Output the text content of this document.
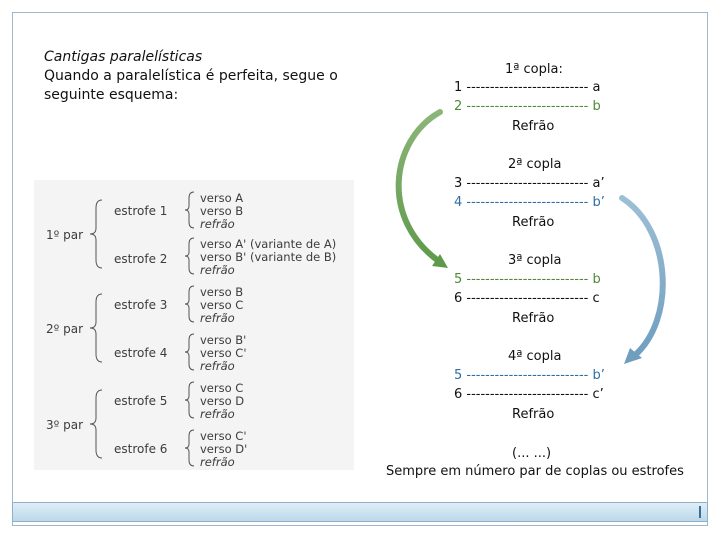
Cantigas paralelísticas
Quando a paralelística é perfeita, segue o seguinte esquema:
1º par
estrofe 1
estrofe 2
verso A
verso B
refrão
verso A' (variante de A)
verso B' (variante de B)
refrão
2º par
estrofe 3
estrofe 4
verso B
verso C
refrão
verso B'
verso C'
refrão
3º par
estrofe 5
estrofe 6
verso C
verso D
refrão
verso C'
verso D'
refrão
1ª copla:
1 -------------------------- a
2 -------------------------- b
Refrão
2ª copla
3 -------------------------- a’
4 -------------------------- b’
Refrão
3ª copla
5 -------------------------- b
6 -------------------------- c
Refrão
4ª copla
5 -------------------------- b’
6 -------------------------- c’
Refrão
(... ...)
Sempre em número par de coplas ou estrofes
